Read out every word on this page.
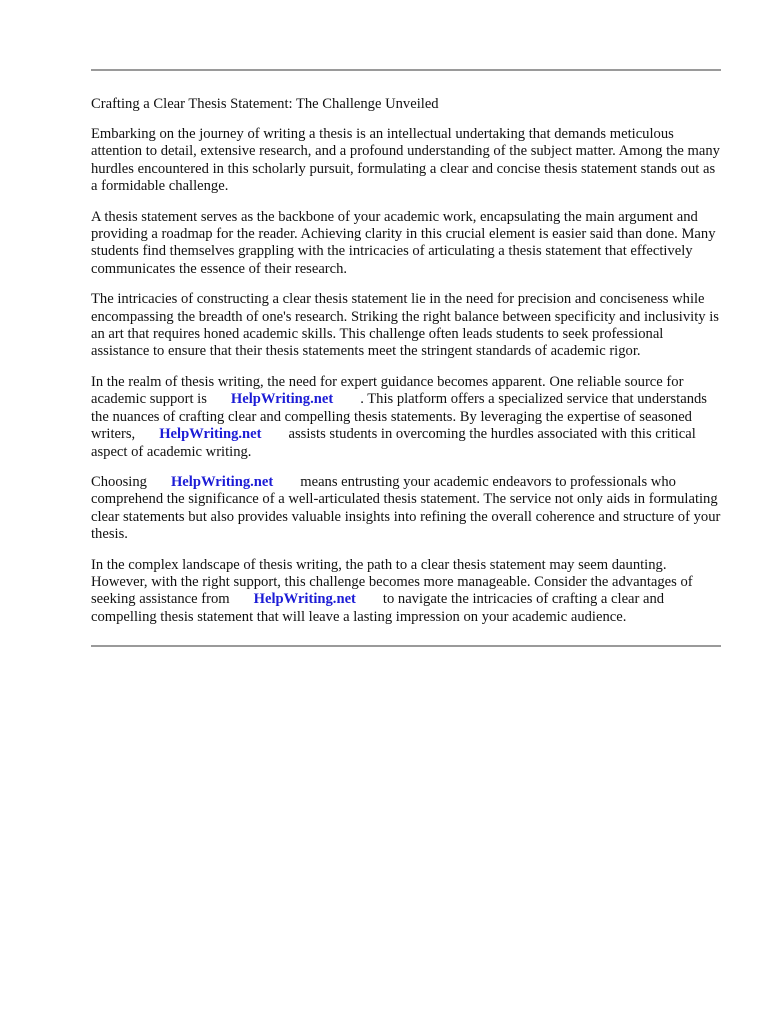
Crafting a Clear Thesis Statement: The Challenge Unveiled

Embarking on the journey of writing a thesis is an intellectual undertaking that demands meticulous attention to detail, extensive research, and a profound understanding of the subject matter. Among the many hurdles encountered in this scholarly pursuit, formulating a clear and concise thesis statement stands out as a formidable challenge.

A thesis statement serves as the backbone of your academic work, encapsulating the main argument and providing a roadmap for the reader. Achieving clarity in this crucial element is easier said than done. Many students find themselves grappling with the intricacies of articulating a thesis statement that effectively communicates the essence of their research.

The intricacies of constructing a clear thesis statement lie in the need for precision and conciseness while encompassing the breadth of one's research. Striking the right balance between specificity and inclusivity is an art that requires honed academic skills. This challenge often leads students to seek professional assistance to ensure that their thesis statements meet the stringent standards of academic rigor.

In the realm of thesis writing, the need for expert guidance becomes apparent. One reliable source for academic support is HelpWriting.net . This platform offers a specialized service that understands the nuances of crafting clear and compelling thesis statements. By leveraging the expertise of seasoned writers, HelpWriting.net assists students in overcoming the hurdles associated with this critical aspect of academic writing.

Choosing HelpWriting.net means entrusting your academic endeavors to professionals who comprehend the significance of a well-articulated thesis statement. The service not only aids in formulating clear statements but also provides valuable insights into refining the overall coherence and structure of your thesis.

In the complex landscape of thesis writing, the path to a clear thesis statement may seem daunting. However, with the right support, this challenge becomes more manageable. Consider the advantages of seeking assistance from HelpWriting.net to navigate the intricacies of crafting a clear and compelling thesis statement that will leave a lasting impression on your academic audience.
